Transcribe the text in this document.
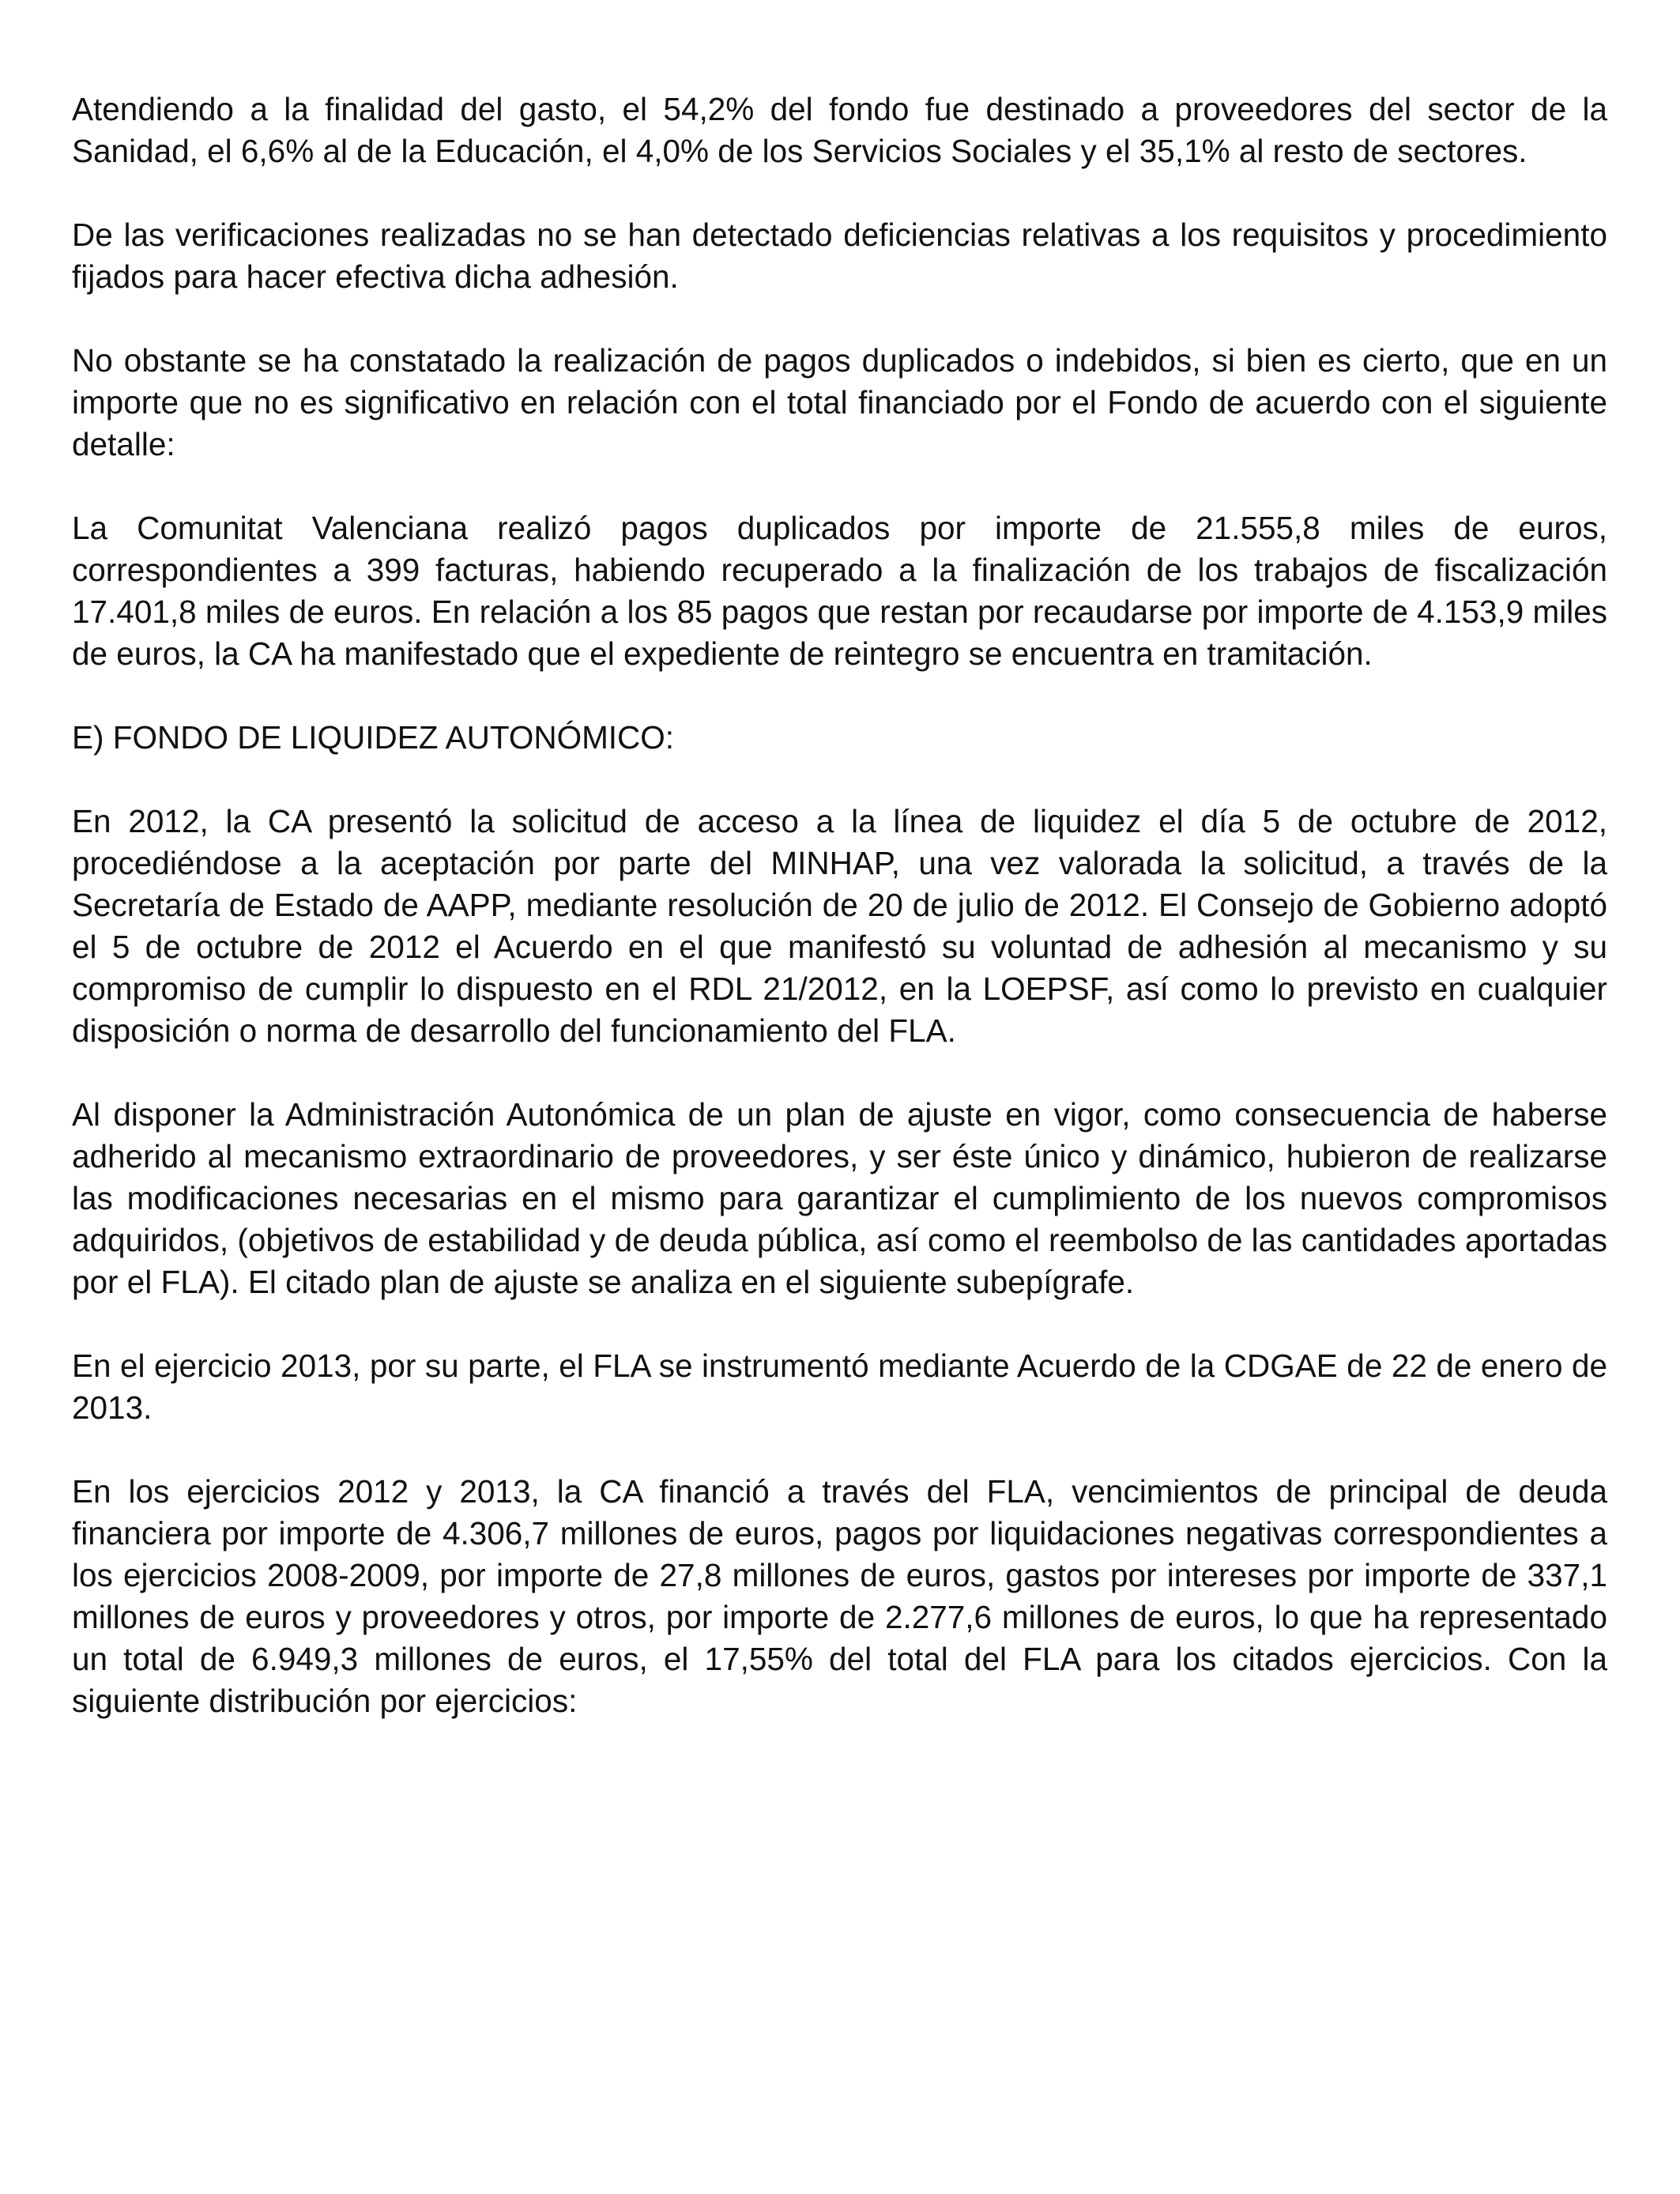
Atendiendo a la finalidad del gasto, el 54,2% del fondo fue destinado a proveedores del sector de la Sanidad, el 6,6% al de la Educación, el 4,0% de los Servicios Sociales y el 35,1% al resto de sectores.

De las verificaciones realizadas no se han detectado deficiencias relativas a los requisitos y procedimiento fijados para hacer efectiva dicha adhesión.

No obstante se ha constatado la realización de pagos duplicados o indebidos, si bien es cierto, que en un importe que no es significativo en relación con el total financiado por el Fondo de acuerdo con el siguiente detalle:

La Comunitat Valenciana realizó pagos duplicados por importe de 21.555,8 miles de euros, correspondientes a 399 facturas, habiendo recuperado a la finalización de los trabajos de fiscalización 17.401,8 miles de euros. En relación a los 85 pagos que restan por recaudarse por importe de 4.153,9 miles de euros, la CA ha manifestado que el expediente de reintegro se encuentra en tramitación.

E) FONDO DE LIQUIDEZ AUTONÓMICO:

En 2012, la CA presentó la solicitud de acceso a la línea de liquidez el día 5 de octubre de 2012, procediéndose a la aceptación por parte del MINHAP, una vez valorada la solicitud, a través de la Secretaría de Estado de AAPP, mediante resolución de 20 de julio de 2012. El Consejo de Gobierno adoptó el 5 de octubre de 2012 el Acuerdo en el que manifestó su voluntad de adhesión al mecanismo y su compromiso de cumplir lo dispuesto en el RDL 21/2012, en la LOEPSF, así como lo previsto en cualquier disposición o norma de desarrollo del funcionamiento del FLA.

Al disponer la Administración Autonómica de un plan de ajuste en vigor, como consecuencia de haberse adherido al mecanismo extraordinario de proveedores, y ser éste único y dinámico, hubieron de realizarse las modificaciones necesarias en el mismo para garantizar el cumplimiento de los nuevos compromisos adquiridos, (objetivos de estabilidad y de deuda pública, así como el reembolso de las cantidades aportadas por el FLA). El citado plan de ajuste se analiza en el siguiente subepígrafe.

En el ejercicio 2013, por su parte, el FLA se instrumentó mediante Acuerdo de la CDGAE de 22 de enero de 2013.

En los ejercicios 2012 y 2013, la CA financió a través del FLA, vencimientos de principal de deuda financiera por importe de 4.306,7 millones de euros, pagos por liquidaciones negativas correspondientes a los ejercicios 2008-2009, por importe de 27,8 millones de euros, gastos por intereses por importe de 337,1 millones de euros y proveedores y otros, por importe de 2.277,6 millones de euros, lo que ha representado un total de 6.949,3 millones de euros, el 17,55% del total del FLA para los citados ejercicios. Con la siguiente distribución por ejercicios:
